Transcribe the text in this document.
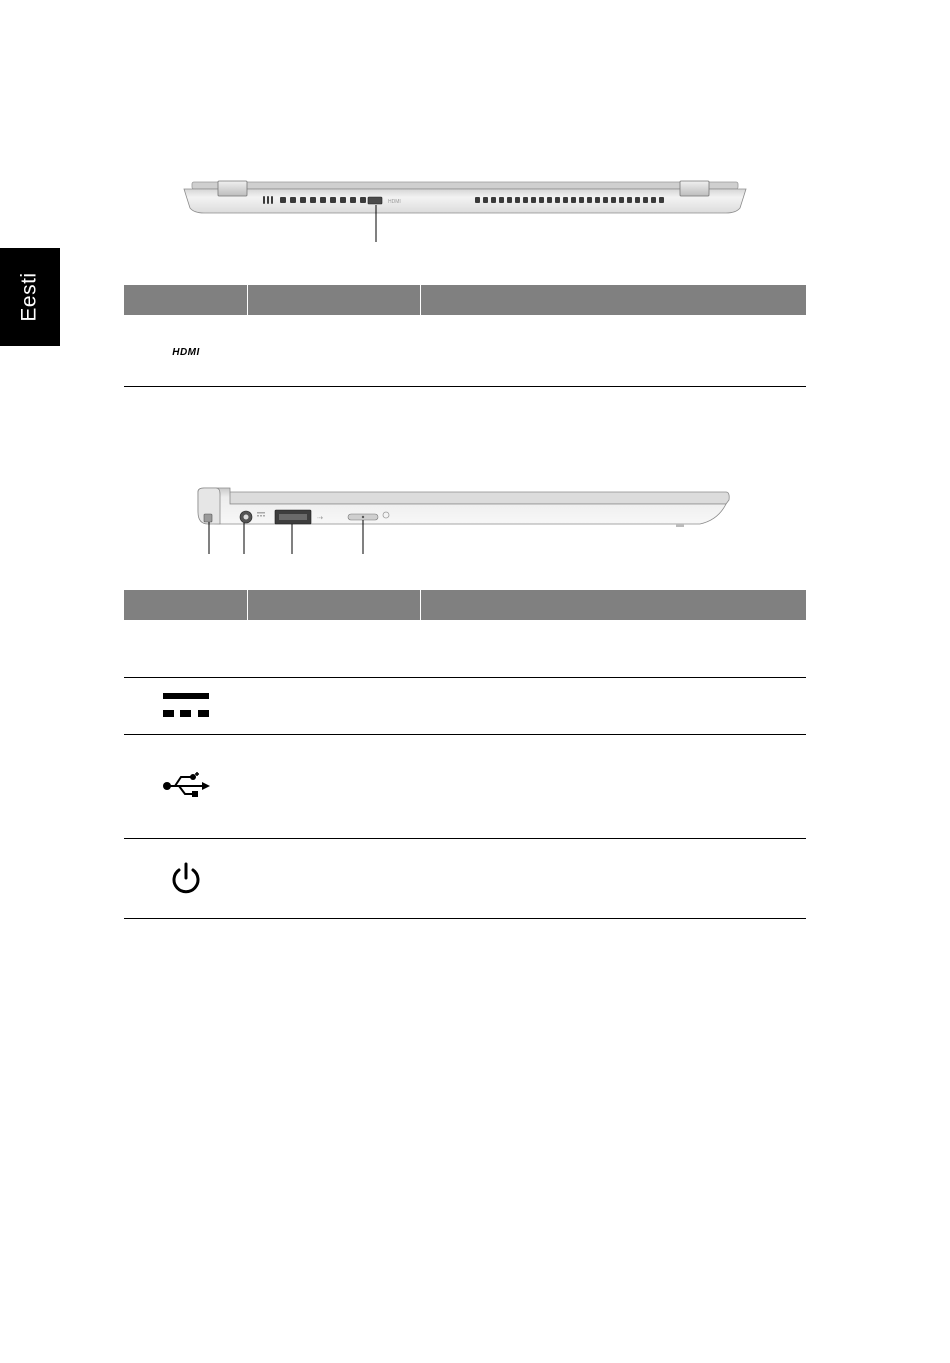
Eesti
HDMI
HDMI
⇢
